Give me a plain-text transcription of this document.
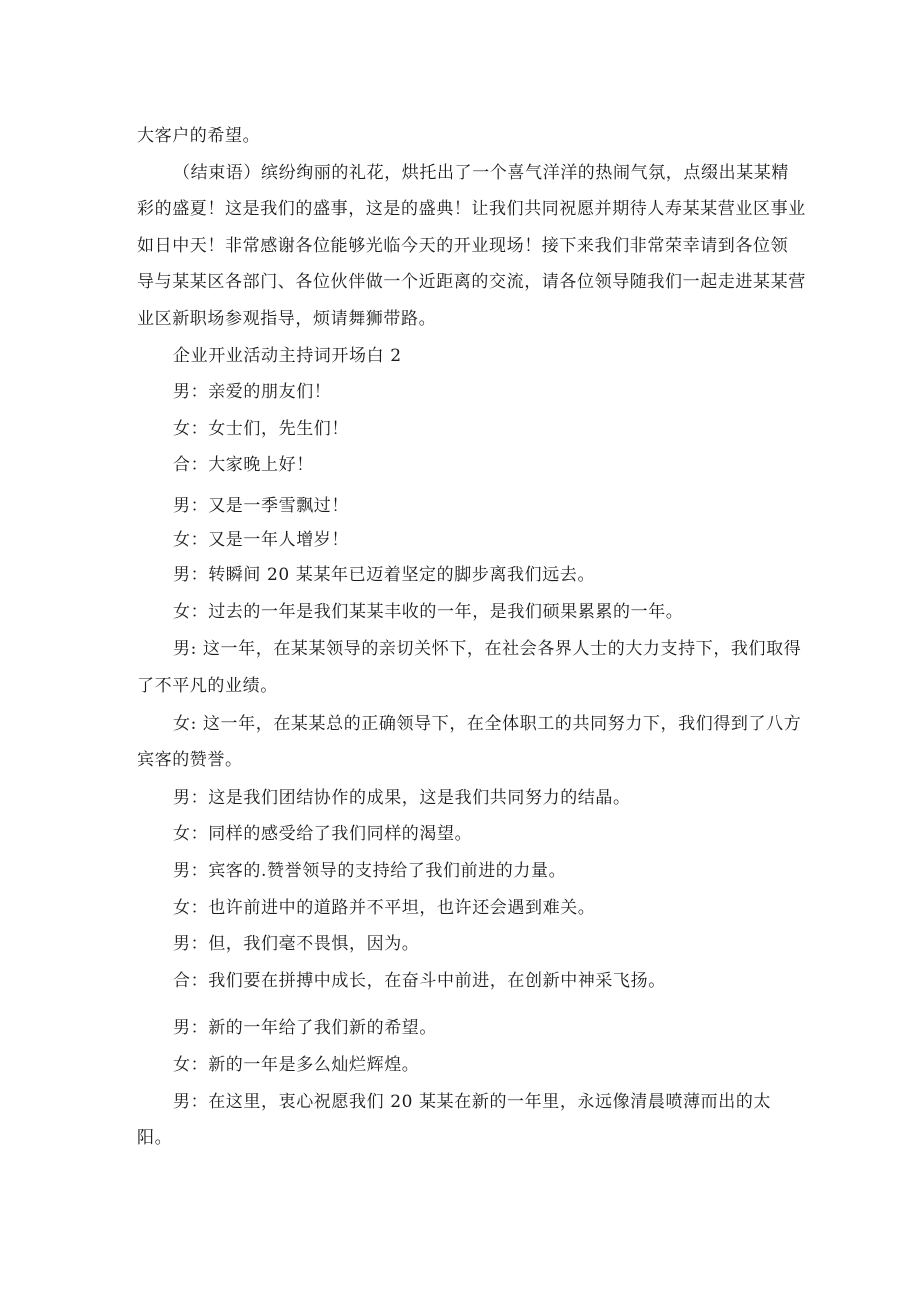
大客户的希望。
（结束语）缤纷绚丽的礼花，烘托出了一个喜气洋洋的热闹气氛，点缀出某某精
彩的盛夏！这是我们的盛事，这是的盛典！让我们共同祝愿并期待人寿某某营业区事业
如日中天！非常感谢各位能够光临今天的开业现场！接下来我们非常荣幸请到各位领
导与某某区各部门、各位伙伴做一个近距离的交流，请各位领导随我们一起走进某某营
业区新职场参观指导，烦请舞狮带路。
企业开业活动主持词开场白 2
男：亲爱的朋友们！
女：女士们，先生们！
合：大家晚上好！
男：又是一季雪飘过！
女：又是一年人增岁！
男：转瞬间 20 某某年已迈着坚定的脚步离我们远去。
女：过去的一年是我们某某丰收的一年，是我们硕果累累的一年。
男: 这一年，在某某领导的亲切关怀下，在社会各界人士的大力支持下，我们取得
了不平凡的业绩。
女: 这一年，在某某总的正确领导下，在全体职工的共同努力下，我们得到了八方
宾客的赞誉。
男：这是我们团结协作的成果，这是我们共同努力的结晶。
女：同样的感受给了我们同样的渴望。
男：宾客的.赞誉领导的支持给了我们前进的力量。
女：也许前进中的道路并不平坦，也许还会遇到难关。
男：但，我们毫不畏惧，因为。
合：我们要在拼搏中成长，在奋斗中前进，在创新中神采飞扬。
男：新的一年给了我们新的希望。
女：新的一年是多么灿烂辉煌。
男：在这里，衷心祝愿我们 20 某某在新的一年里，永远像清晨喷薄而出的太
阳。
